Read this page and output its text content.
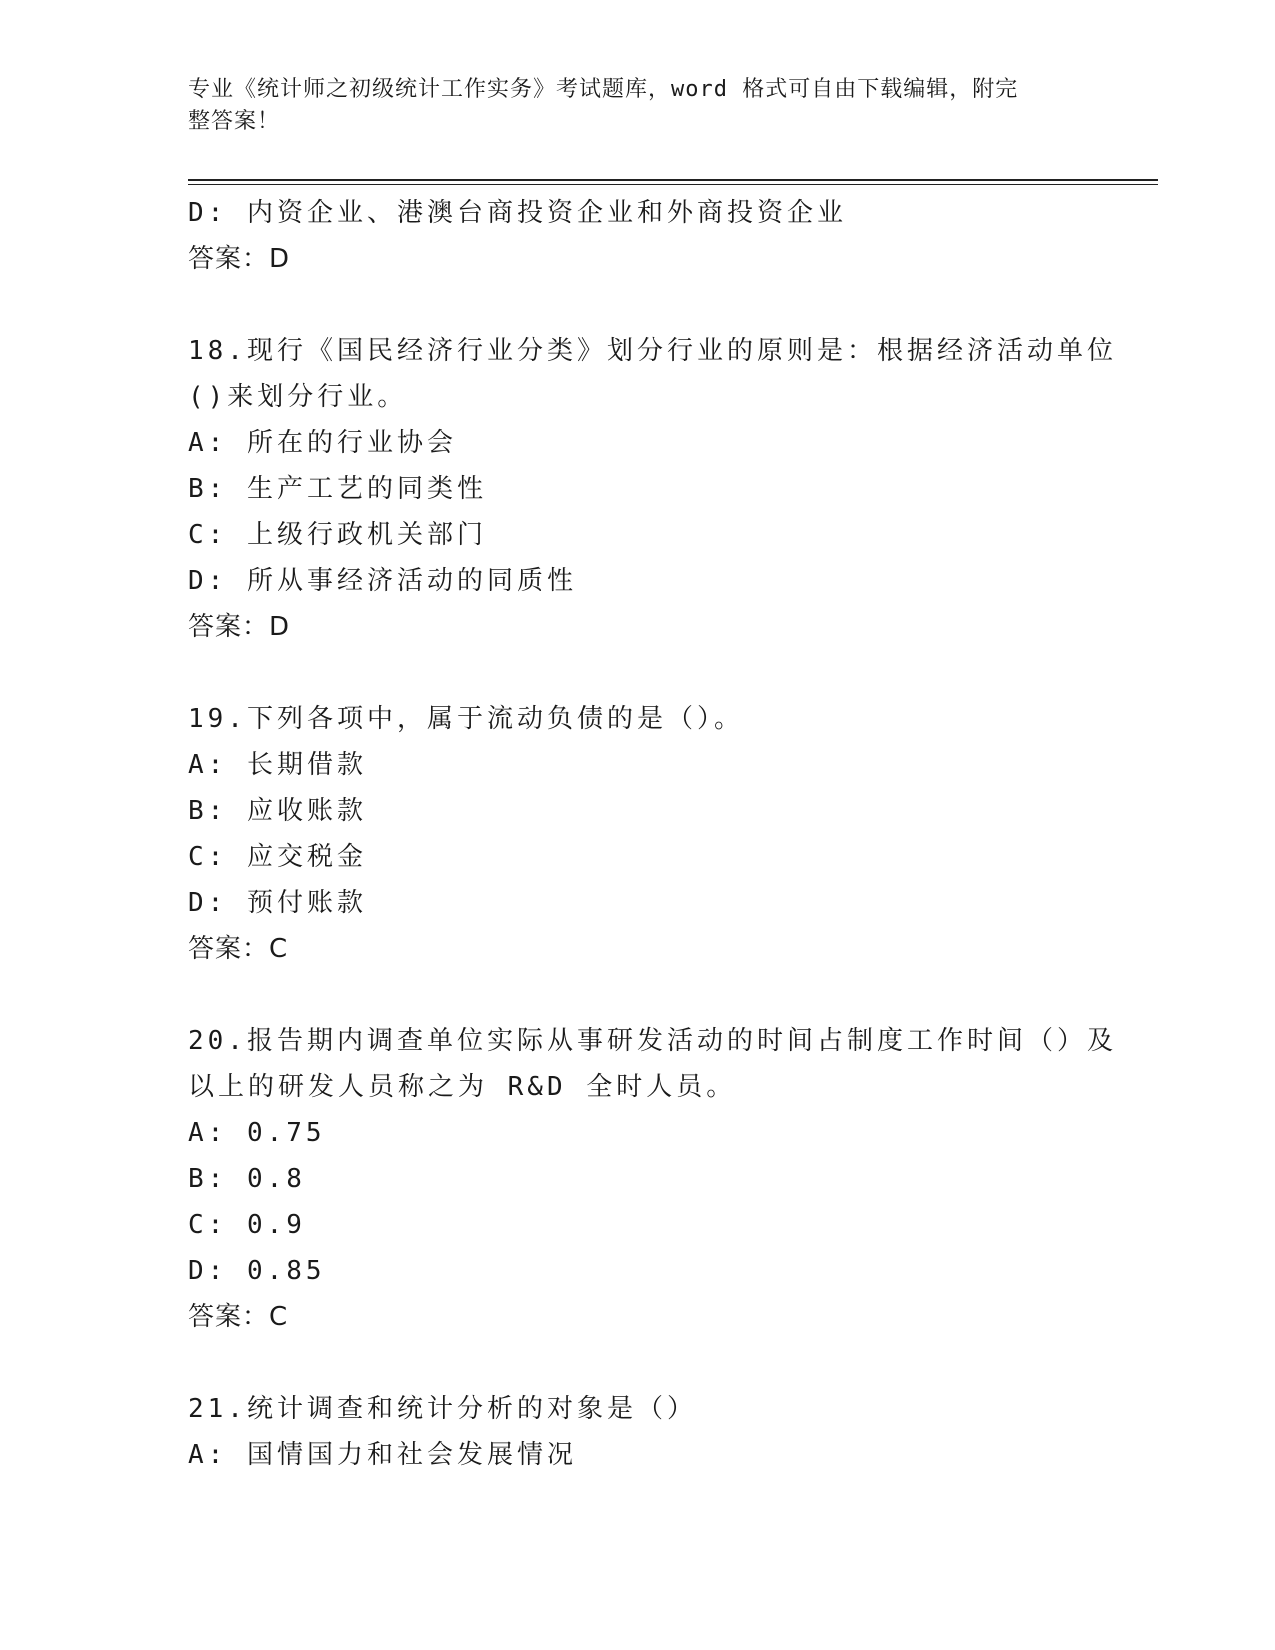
专业《统计师之初级统计工作实务》考试题库，word 格式可自由下载编辑，附完
整答案！
D: 内资企业、港澳台商投资企业和外商投资企业
答案：D
18.现行《国民经济行业分类》划分行业的原则是：根据经济活动单位
()来划分行业。
A: 所在的行业协会
B: 生产工艺的同类性
C: 上级行政机关部门
D: 所从事经济活动的同质性
答案：D
19.下列各项中，属于流动负债的是（）。
A: 长期借款
B: 应收账款
C: 应交税金
D: 预付账款
答案：C
20.报告期内调查单位实际从事研发活动的时间占制度工作时间（）及
以上的研发人员称之为 R&D 全时人员。
A: 0.75
B: 0.8
C: 0.9
D: 0.85
答案：C
21.统计调查和统计分析的对象是（）
A: 国情国力和社会发展情况
